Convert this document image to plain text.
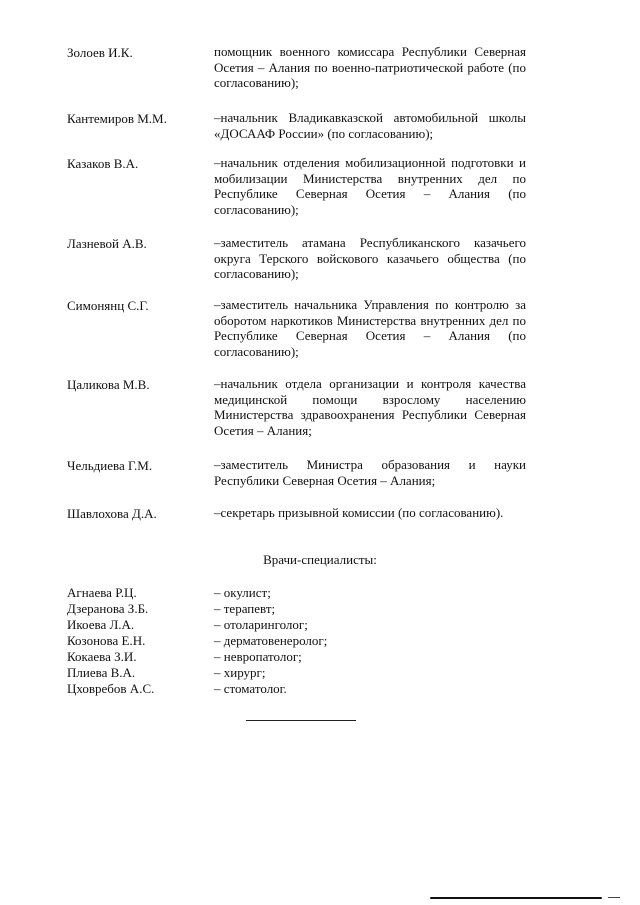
Золоев И.К.	помощник военного комиссара Республики Северная Осетия – Алания по военно-патриотической работе (по согласованию);
Кантемиров М.М.	–начальник Владикавказской автомобильной школы «ДОСААФ России» (по согласованию);
Казаков В.А.	–начальник отделения мобилизационной подготовки и мобилизации Министерства внутренних дел по Республике Северная Осетия – Алания (по согласованию);
Лазневой А.В.	–заместитель атамана Республиканского казачьего округа Терского войскового казачьего общества (по согласованию);
Симонянц С.Г.	–заместитель начальника Управления по контролю за оборотом наркотиков Министерства внутренних дел по Республике Северная Осетия – Алания (по согласованию);
Цаликова М.В.	–начальник отдела организации и контроля качества медицинской помощи взрослому населению Министерства здравоохранения Республики Северная Осетия – Алания;
Чельдиева Г.М.	–заместитель Министра образования и науки Республики Северная Осетия – Алания;
Шавлохова Д.А.	–секретарь призывной комиссии (по согласованию).
Врачи-специалисты:
Агнаева Р.Ц.	– окулист;
Дзеранова З.Б.	– терапевт;
Икоева Л.А.	– отоларинголог;
Козонова Е.Н.	– дерматовенеролог;
Кокаева З.И.	– невропатолог;
Плиева В.А.	– хирург;
Цховребов А.С.	– стоматолог.
